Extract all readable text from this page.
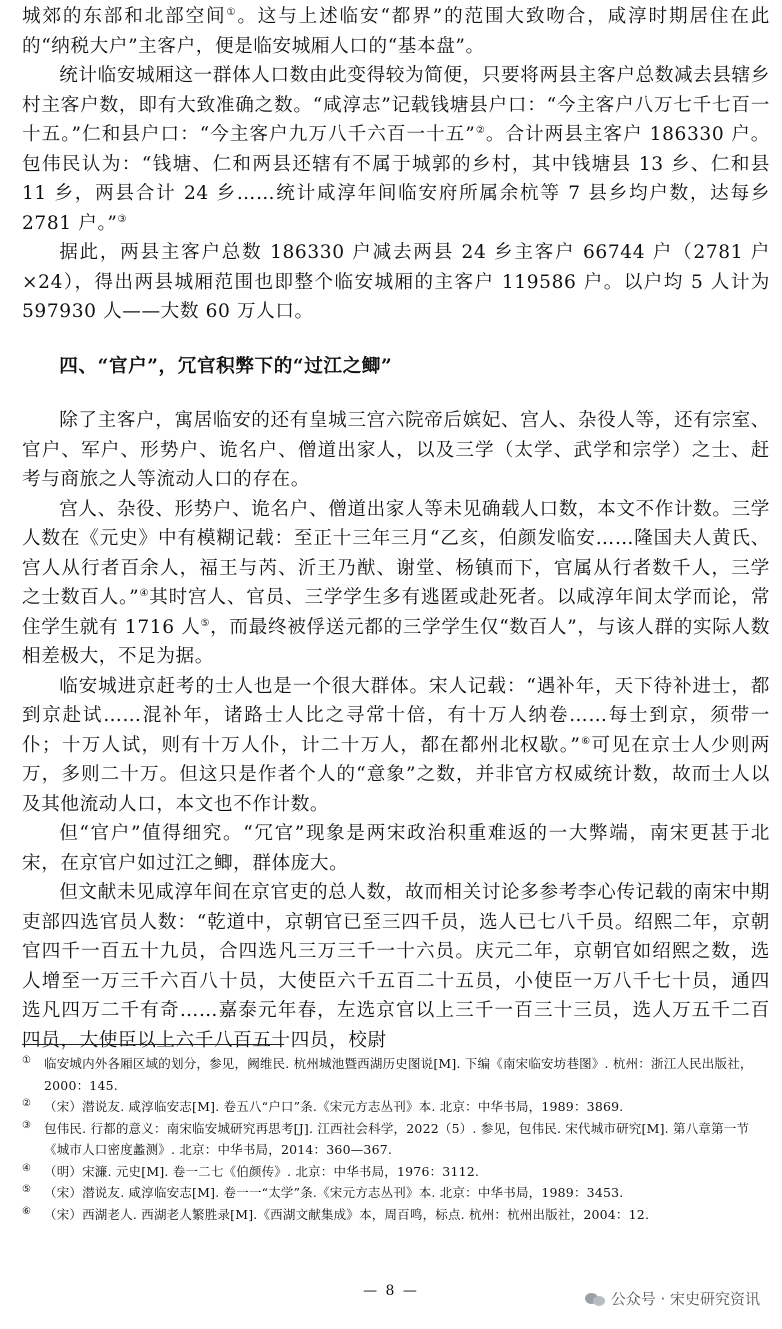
城郊的东部和北部空间①。这与上述临安“都界”的范围大致吻合，咸淳时期居住在此的“纳税大户”主客户，便是临安城厢人口的“基本盘”。

统计临安城厢这一群体人口数由此变得较为简便，只要将两县主客户总数减去县辖乡村主客户数，即有大致准确之数。“咸淳志”记载钱塘县户口：“今主客户八万七千七百一十五。”仁和县户口：“今主客户九万八千六百一十五”②。合计两县主客户 186330 户。包伟民认为：“钱塘、仁和两县还辖有不属于城郭的乡村，其中钱塘县 13 乡、仁和县 11 乡，两县合计 24 乡……统计咸淳年间临安府所属余杭等 7 县乡均户数，达每乡 2781 户。”③

据此，两县主客户总数 186330 户减去两县 24 乡主客户 66744 户（2781 户×24），得出两县城厢范围也即整个临安城厢的主客户 119586 户。以户均 5 人计为 597930 人——大数 60 万人口。

四、“官户”，冗官积弊下的“过江之鲫”

除了主客户，寓居临安的还有皇城三宫六院帝后嫔妃、宫人、杂役人等，还有宗室、官户、军户、形势户、诡名户、僧道出家人，以及三学（太学、武学和宗学）之士、赶考与商旅之人等流动人口的存在。

宫人、杂役、形势户、诡名户、僧道出家人等未见确载人口数，本文不作计数。三学人数在《元史》中有模糊记载：至正十三年三月“乙亥，伯颜发临安……隆国夫人黄氏、宫人从行者百余人，福王与芮、沂王乃猷、谢堂、杨镇而下，官属从行者数千人，三学之士数百人。”④其时宫人、官员、三学学生多有逃匿或赴死者。以咸淳年间太学而论，常住学生就有 1716 人⑤，而最终被俘送元都的三学学生仅“数百人”，与该人群的实际人数相差极大，不足为据。

临安城进京赶考的士人也是一个很大群体。宋人记载：“遇补年，天下待补进士，都到京赴试……混补年，诸路士人比之寻常十倍，有十万人纳卷……每士到京，须带一仆；十万人试，则有十万人仆，计二十万人，都在都州北权歇。”⑥可见在京士人少则两万，多则二十万。但这只是作者个人的“意象”之数，并非官方权威统计数，故而士人以及其他流动人口，本文也不作计数。

但“官户”值得细究。“冗官”现象是两宋政治积重难返的一大弊端，南宋更甚于北宋，在京官户如过江之鲫，群体庞大。

但文献未见咸淳年间在京官吏的总人数，故而相关讨论多参考李心传记载的南宋中期吏部四选官员人数：“乾道中，京朝官已至三四千员，选人已七八千员。绍熙二年，京朝官四千一百五十九员，合四选凡三万三千一十六员。庆元二年，京朝官如绍熙之数，选人增至一万三千六百八十员，大使臣六千五百二十五员，小使臣一万八千七十员，通四选凡四万二千有奇……嘉泰元年春，左选京官以上三千一百三十三员，选人万五千二百四员，大使臣以上六千八百五十四员，校尉

① 临安城内外各厢区域的划分，参见，阙维民. 杭州城池暨西湖历史图说[M]. 下编《南宋临安坊巷图》. 杭州：浙江人民出版社，2000：145.
② （宋）潜说友. 咸淳临安志[M]. 卷五八“户口”条.《宋元方志丛刊》本. 北京：中华书局，1989：3869.
③ 包伟民. 行都的意义：南宋临安城研究再思考[J]. 江西社会科学，2022（5）. 参见，包伟民. 宋代城市研究[M]. 第八章第一节《城市人口密度蠡测》. 北京：中华书局，2014：360—367.
④ （明）宋濂. 元史[M]. 卷一二七《伯颜传》. 北京：中华书局，1976：3112.
⑤ （宋）潜说友. 咸淳临安志[M]. 卷一一“太学”条.《宋元方志丛刊》本. 北京：中华书局，1989：3453.
⑥ （宋）西湖老人. 西湖老人繁胜录[M].《西湖文献集成》本，周百鸣，标点. 杭州：杭州出版社，2004：12.
— 8 —	公众号 · 宋史研究资讯
